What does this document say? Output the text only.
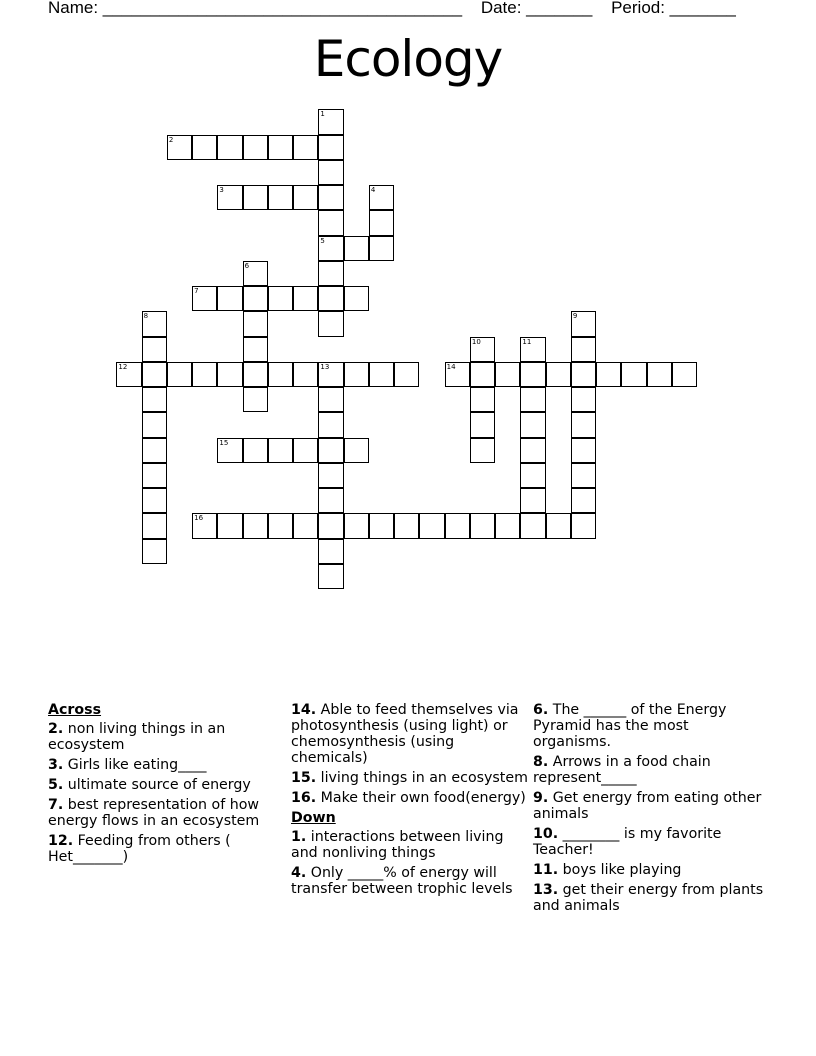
Name: ______________________________________ Date: _______ Period: _______
Ecology
1
5
2
3	4
6
7
8	9
10	11
12	13	14
15
16
Across
2. non living things in an ecosystem
3. Girls like eating____
5. ultimate source of energy
7. best representation of how energy flows in an ecosystem
12. Feeding from others ( Het_______)
14. Able to feed themselves via photosynthesis (using light) or chemosynthesis (using chemicals)
15. living things in an ecosystem
16. Make their own food(energy)
Down
1. interactions between living and nonliving things
4. Only _____% of energy will transfer between trophic levels
6. The ______ of the Energy Pyramid has the most organisms.
8. Arrows in a food chain represent_____
9. Get energy from eating other animals
10. ________ is my favorite Teacher!
11. boys like playing
13. get their energy from plants and animals
